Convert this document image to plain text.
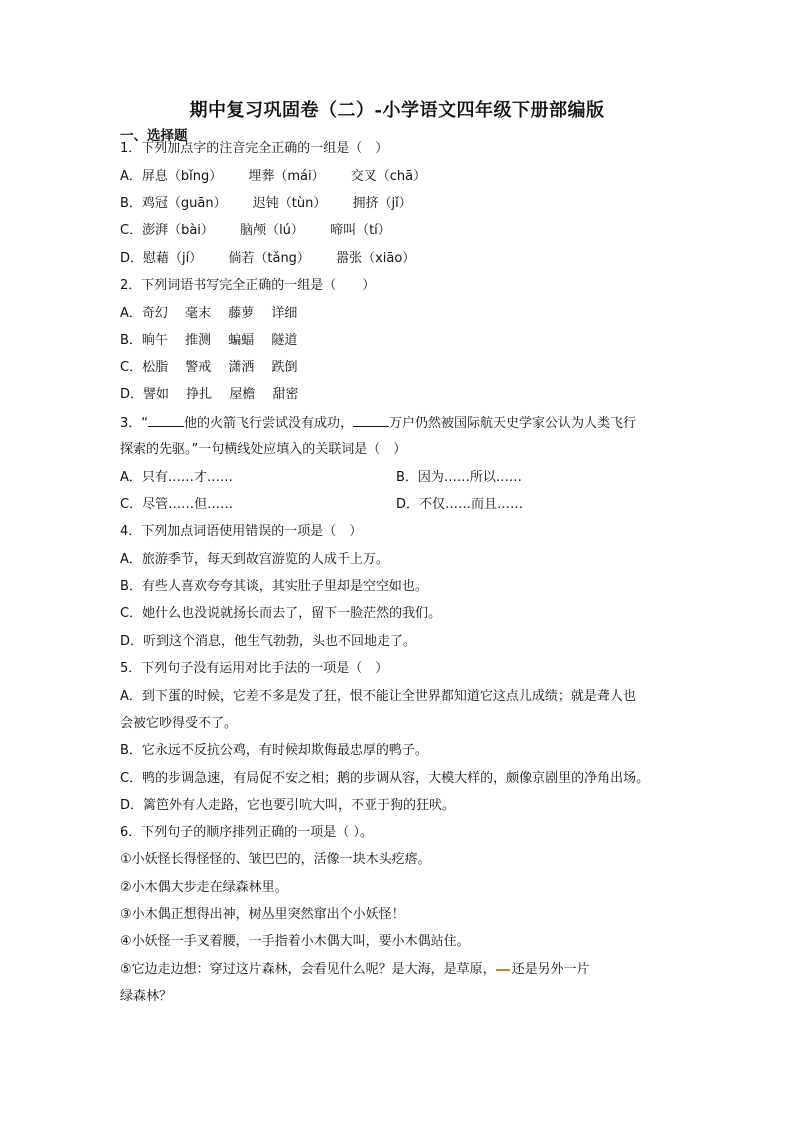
期中复习巩固卷（二）-小学语文四年级下册部编版
一、选择题
1．下列加点字的注音完全正确的一组是（　）
A．屏息（bǐng） 埋葬（mái） 交叉（chā）
B．鸡冠（guān） 迟钝（tùn） 拥挤（jǐ）
C．澎湃（bài） 脑颅（lú） 啼叫（tí）
D．慰藉（jí） 倘若（tǎng） 嚣张（xiāo）
2．下列词语书写完全正确的一组是（　　）
A．奇幻　 毫末　 藤萝　 详细
B．晌午　 推测　 蝙蝠　 隧道
C．松脂　 警戒　 潇洒　 跌倒
D．譬如　 挣扎　 屋檐　 甜密
3．“	他的火箭飞行尝试没有成功，	万户仍然被国际航天史学家公认为人类飞行
探索的先驱。”一句横线处应填入的关联词是（　）
A．只有……才……	B．因为……所以……
C．尽管……但……	D．不仅……而且……
4．下列加点词语使用错误的一项是（　）
A．旅游季节，每天到故宫游览的人成千上万。
B．有些人喜欢夸夸其谈，其实肚子里却是空空如也。
C．她什么也没说就扬长而去了，留下一脸茫然的我们。
D．听到这个消息，他生气勃勃，头也不回地走了。
5．下列句子没有运用对比手法的一项是（　）
A．到下蛋的时候，它差不多是发了狂，恨不能让全世界都知道它这点儿成绩；就是聋人也
会被它吵得受不了。
B．它永远不反抗公鸡，有时候却欺侮最忠厚的鸭子。
C．鸭的步调急速，有局促不安之相；鹅的步调从容，大模大样的，颇像京剧里的净角出场。
D．篱笆外有人走路，它也要引吭大叫，不亚于狗的狂吠。
6．下列句子的顺序排列正确的一项是（ ）。
①小妖怪长得怪怪的、皱巴巴的，活像一块木头疙瘩。
②小木偶大步走在绿森林里。
③小木偶正想得出神，树丛里突然窜出个小妖怪！
④小妖怪一手叉着腰，一手指着小木偶大叫，要小木偶站住。
⑤它边走边想：穿过这片森林，会看见什么呢？是大海，是草原， 还是另外一片
绿森林？
